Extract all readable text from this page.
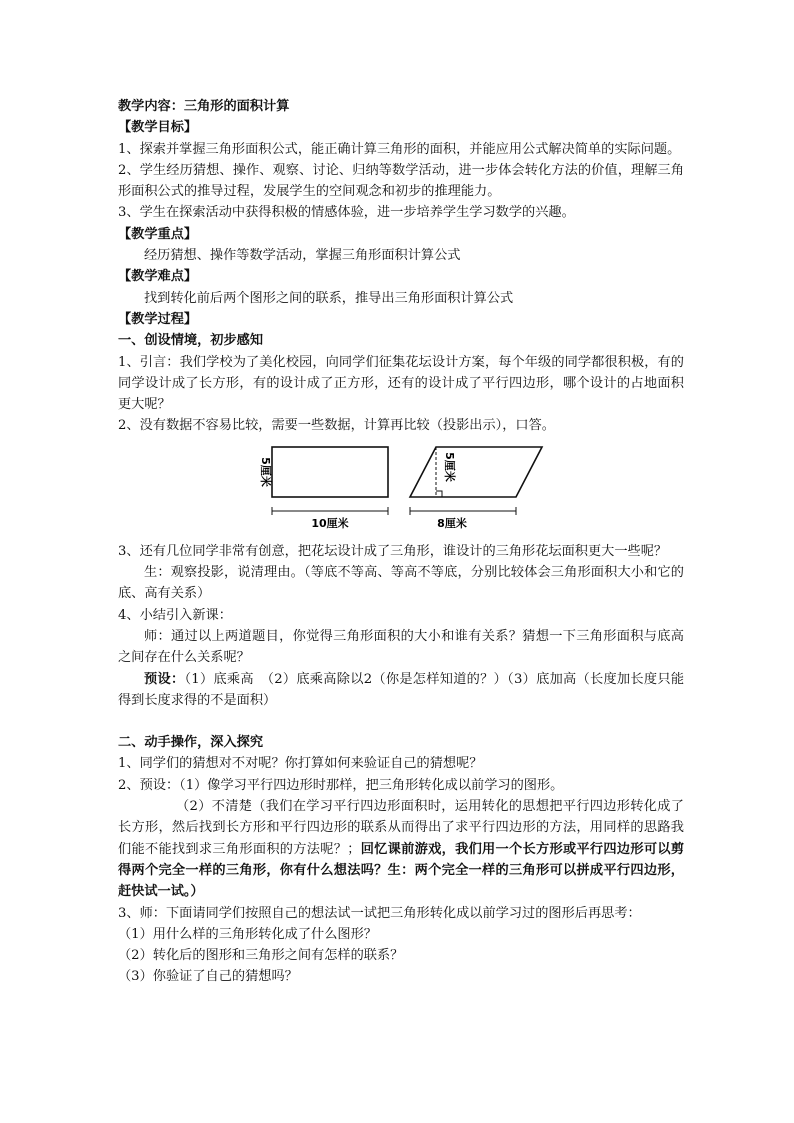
教学内容：三角形的面积计算

【教学目标】

1、探索并掌握三角形面积公式，能正确计算三角形的面积，并能应用公式解决简单的实际问题。

2、学生经历猜想、操作、观察、讨论、归纳等数学活动，进一步体会转化方法的价值，理解三角形面积公式的推导过程，发展学生的空间观念和初步的推理能力。

3、学生在探索活动中获得积极的情感体验，进一步培养学生学习数学的兴趣。

【教学重点】

经历猜想、操作等数学活动，掌握三角形面积计算公式

【教学难点】

找到转化前后两个图形之间的联系，推导出三角形面积计算公式

【教学过程】

一、创设情境，初步感知

1、引言：我们学校为了美化校园，向同学们征集花坛设计方案，每个年级的同学都很积极，有的同学设计成了长方形，有的设计成了正方形，还有的设计成了平行四边形，哪个设计的占地面积更大呢？

2、没有数据不容易比较，需要一些数据，计算再比较（投影出示），口答。

10厘米
5厘米	5厘米
8厘米

3、还有几位同学非常有创意，把花坛设计成了三角形，谁设计的三角形花坛面积更大一些呢？

生：观察投影，说清理由。（等底不等高、等高不等底，分别比较体会三角形面积大小和它的底、高有关系）

4、小结引入新课：

师：通过以上两道题目，你觉得三角形面积的大小和谁有关系？猜想一下三角形面积与底高之间存在什么关系呢？

预设：（1）底乘高　（2）底乘高除以2（你是怎样知道的？）（3）底加高（长度加长度只能得到长度求得的不是面积）

二、动手操作，深入探究

1、同学们的猜想对不对呢？你打算如何来验证自己的猜想呢？

2、预设：（1）像学习平行四边形时那样，把三角形转化成以前学习的图形。

（2）不清楚（我们在学习平行四边形面积时，运用转化的思想把平行四边形转化成了长方形，然后找到长方形和平行四边形的联系从而得出了求平行四边形的方法，用同样的思路我们能不能找到求三角形面积的方法呢？；回忆课前游戏，我们用一个长方形或平行四边形可以剪得两个完全一样的三角形，你有什么想法吗？生：两个完全一样的三角形可以拼成平行四边形，赶快试一试。）

3、师：下面请同学们按照自己的想法试一试把三角形转化成以前学习过的图形后再思考：

（1）用什么样的三角形转化成了什么图形？

（2）转化后的图形和三角形之间有怎样的联系？

（3）你验证了自己的猜想吗？
